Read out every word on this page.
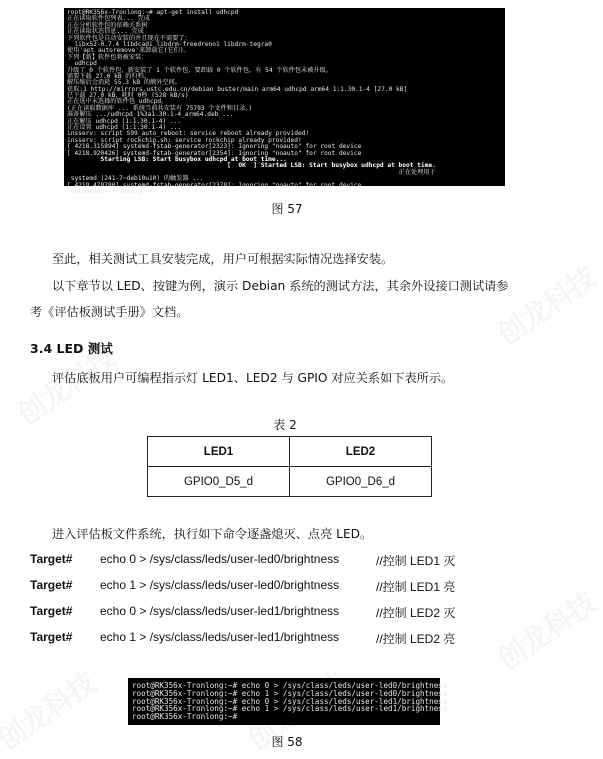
root@RK356x-Tronlong:~# apt-get install udhcpd
正在读取软件包列表... 完成
正在分析软件包的依赖关系树
正在读取状态信息... 完成
下列软件包是自动安装的并且现在不需要了：
libx52-0.7.4 libdcadi libdrm-freedreno1 libdrm-tegra0
使用'apt autoremove'来卸载它(它们)。
下列【新】软件包将被安装：
udhcpd
升级了 0 个软件包，新安装了 1 个软件包，要卸载 0 个软件包，有 54 个软件包未被升级。
需要下载 27.0 kB 的归档。
解压缩后会消耗 55.3 kB 的额外空间。
获取:1 http://mirrors.ustc.edu.cn/debian buster/main arm64 udhcpd arm64 1:1.30.1-4 [27.0 kB]
已下载 27.0 kB，耗时 0秒 (528 kB/s)
正在选中未选择的软件包 udhcpd。
(正在读取数据库 ... 系统当前共安装有 75793 个文件和目录。)
准备解压 .../udhcpd_1%3a1.30.1-4_arm64.deb ...
正在解压 udhcpd (1:1.30.1-4) ...
正在设置 udhcpd (1:1.30.1-4) ...
insserv: script S99_auto_reboot: service reboot already provided!
insserv: script rockchip.sh: service rockchip already provided!
[ 4218.315894] systemd-fstab-generator[2323]: Ignoring "noauto" for root device
[ 4218.920426] systemd-fstab-generator[2354]: Ignoring "noauto" for root device
Starting LSB: Start busybox udhcpd at boot time...
[  OK  ] Started LSB: Start busybox udhcpd at boot time.
正在处理用于
systemd (241-7~deb10u10) 的触发器 ...
[ 4219.478780] systemd-fstab-generator[2378]: Ignoring "noauto" for root device
root@RK356x-Tronlong:~#
图 57
至此，相关测试工具安装完成，用户可根据实际情况选择安装。
以下章节以 LED、按键为例，演示 Debian 系统的测试方法，其余外设接口测试请参
考《评估板测试手册》文档。
3.4 LED 测试
评估底板用户可编程指示灯 LED1、LED2 与 GPIO 对应关系如下表所示。
表 2
LED1	LED2
GPIO0_D5_d	GPIO0_D6_d
进入评估板文件系统，执行如下命令逐盏熄灭、点亮 LED。
Target# echo 0 > /sys/class/leds/user-led0/brightness	//控制 LED1 灭
Target# echo 1 > /sys/class/leds/user-led0/brightness	//控制 LED1 亮
Target# echo 0 > /sys/class/leds/user-led1/brightness	//控制 LED2 灭
Target# echo 1 > /sys/class/leds/user-led1/brightness	//控制 LED2 亮
root@RK356x-Tronlong:~# echo 0 > /sys/class/leds/user-led0/brightness
root@RK356x-Tronlong:~# echo 1 > /sys/class/leds/user-led0/brightness
root@RK356x-Tronlong:~# echo 0 > /sys/class/leds/user-led1/brightness
root@RK356x-Tronlong:~# echo 1 > /sys/class/leds/user-led1/brightness
root@RK356x-Tronlong:~#
图 58
